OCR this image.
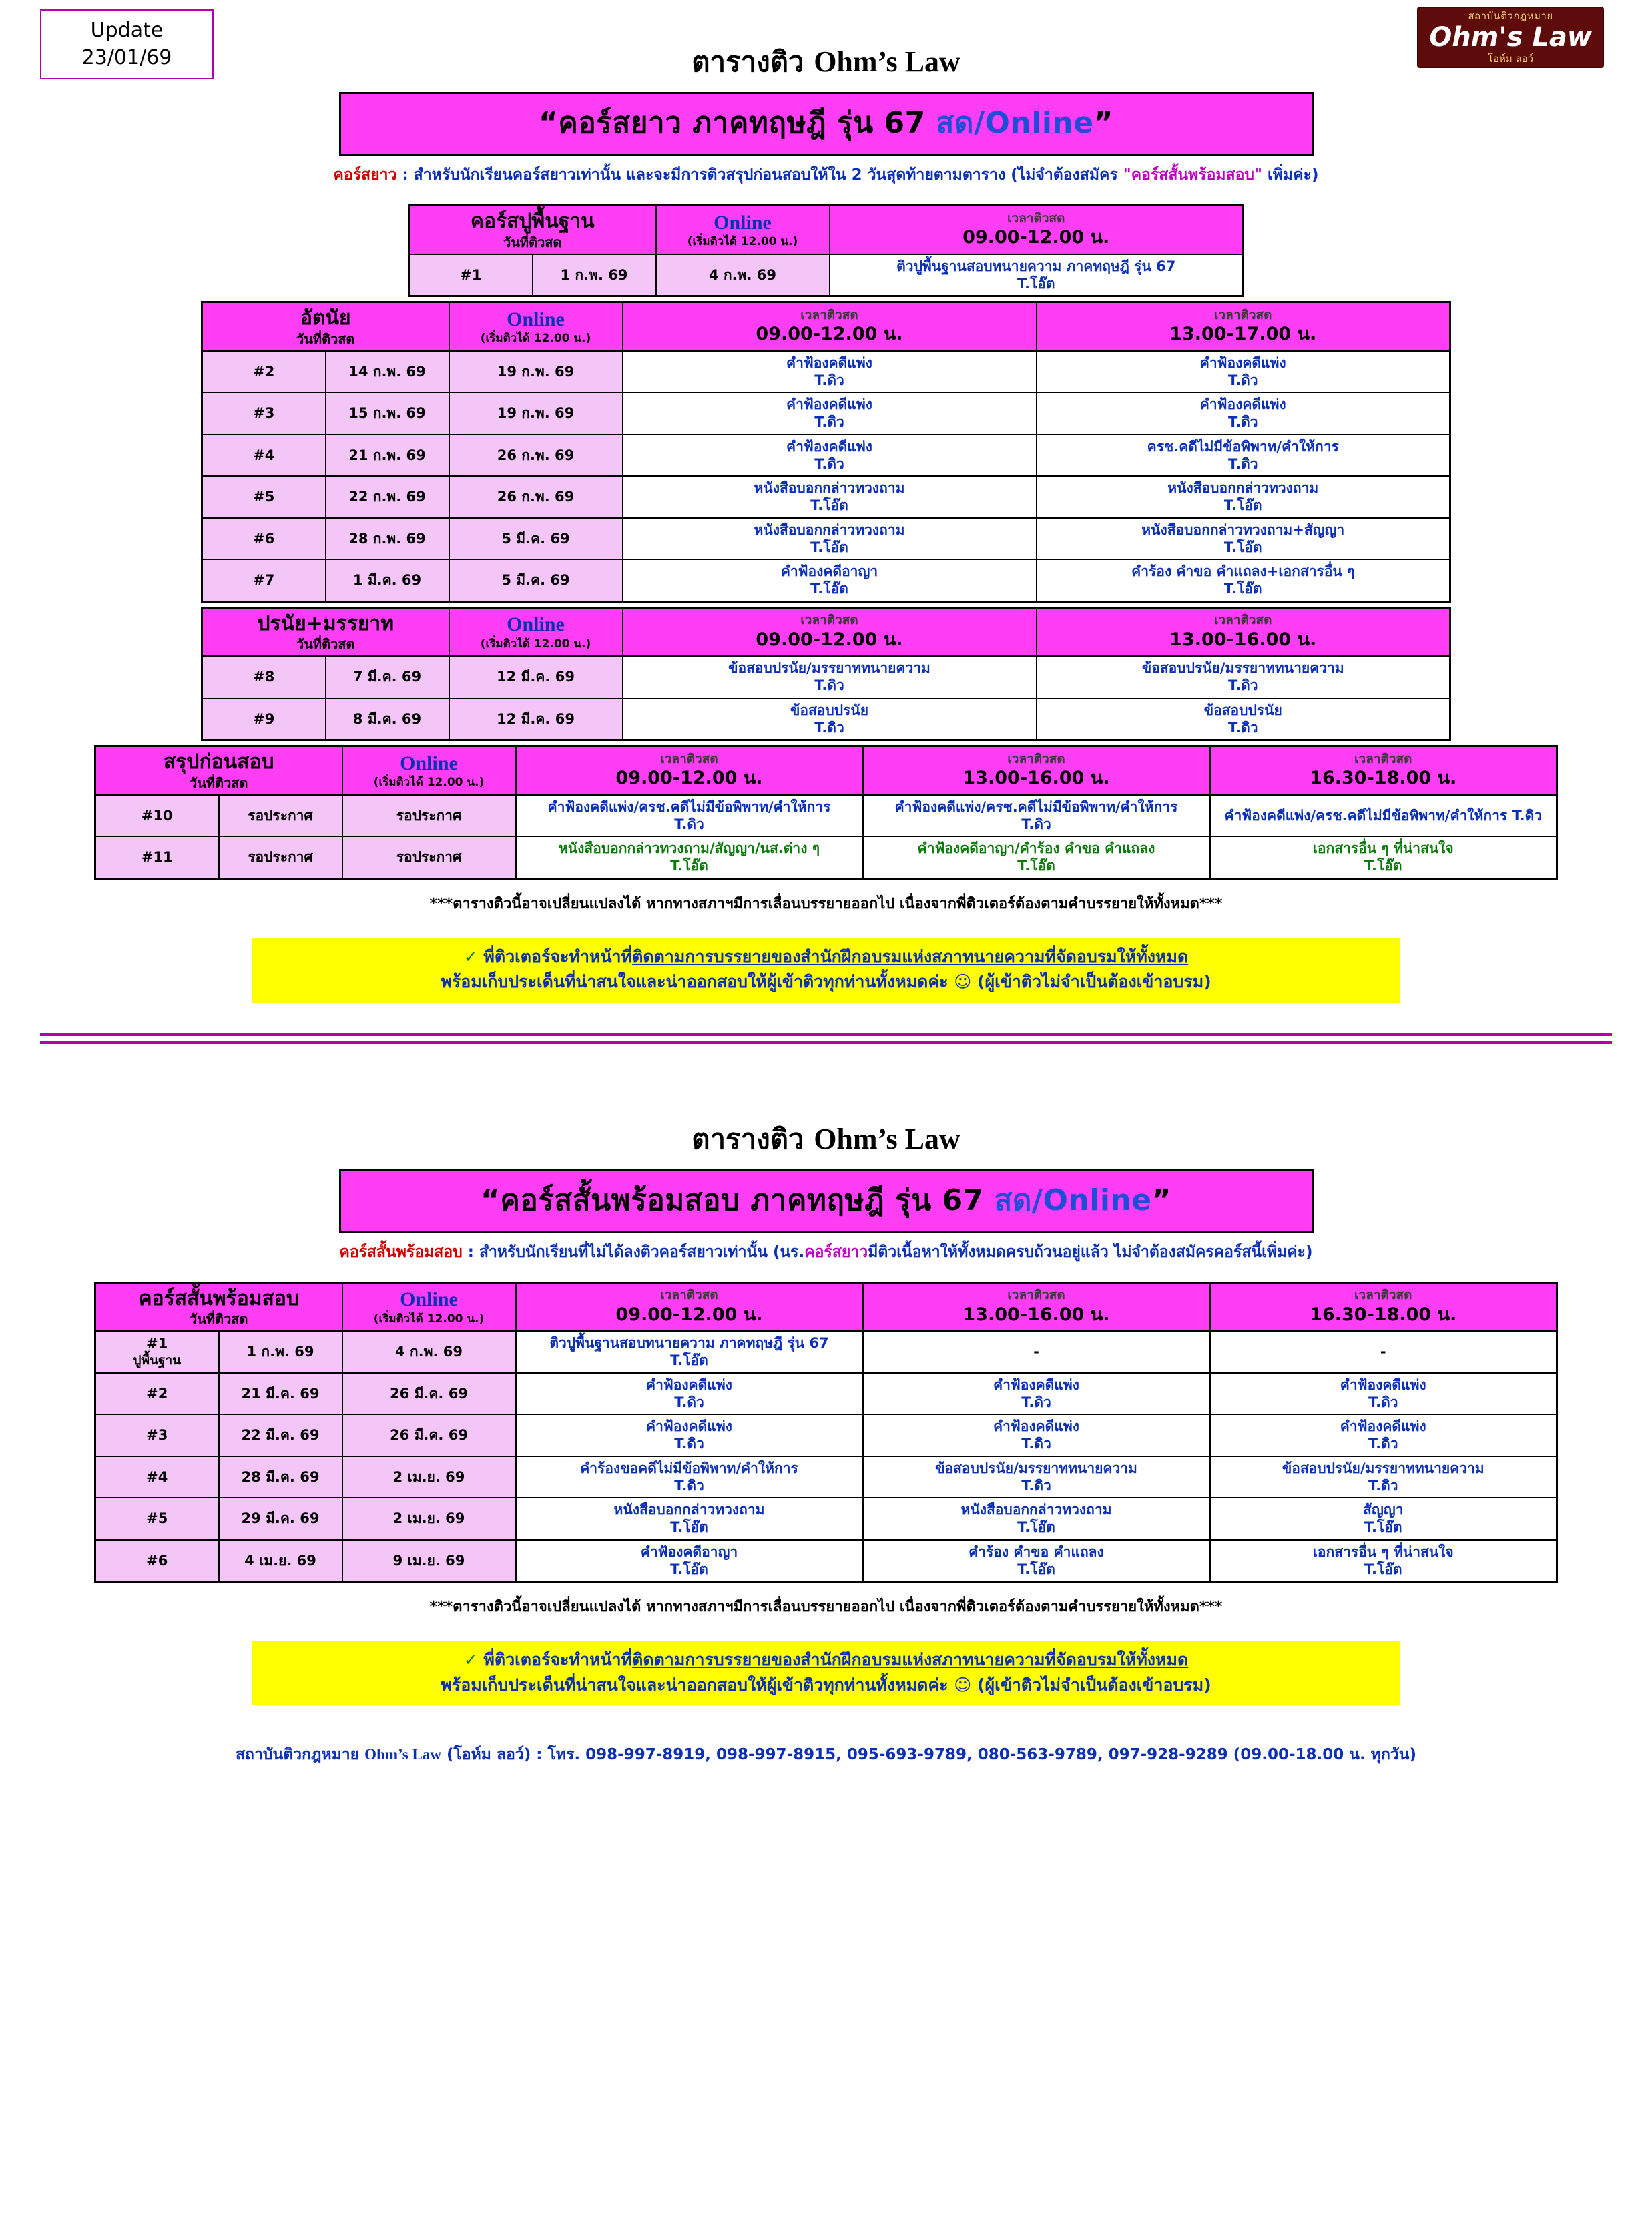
Update
23/01/69
สถาบันติวกฎหมาย
Ohm's Law
โอห์ม ลอว์
ตารางติว Ohm’s Law
“คอร์สยาว ภาคทฤษฎี รุ่น 67 สด/Online”
คอร์สยาว : สำหรับนักเรียนคอร์สยาวเท่านั้น และจะมีการติวสรุปก่อนสอบให้ใน 2 วันสุดท้ายตามตาราง (ไม่จำต้องสมัคร "คอร์สสั้นพร้อมสอบ" เพิ่มค่ะ)
คอร์สปูพื้นฐาน
วันที่ติวสด

Online
(เริ่มติวได้ 12.00 น.)

เวลาติวสด
09.00-12.00 น.

#1	1 ก.พ. 69	4 ก.พ. 69	ติวปูพื้นฐานสอบทนายความ ภาคทฤษฎี รุ่น 67
T.โอ๊ต
อัตนัย
วันที่ติวสด

Online
(เริ่มติวได้ 12.00 น.)

เวลาติวสด
09.00-12.00 น.

เวลาติวสด
13.00-17.00 น.

#2	14 ก.พ. 69	19 ก.พ. 69	
คำฟ้องคดีแพ่ง
T.ดิว

คำฟ้องคดีแพ่ง
T.ดิว

#3	15 ก.พ. 69	19 ก.พ. 69	
คำฟ้องคดีแพ่ง
T.ดิว

คำฟ้องคดีแพ่ง
T.ดิว

#4	21 ก.พ. 69	26 ก.พ. 69	
คำฟ้องคดีแพ่ง
T.ดิว

ครช.คดีไม่มีข้อพิพาท/คำให้การ
T.ดิว

#5	22 ก.พ. 69	26 ก.พ. 69	
หนังสือบอกกล่าวทวงถาม
T.โอ๊ต

หนังสือบอกกล่าวทวงถาม
T.โอ๊ต

#6	28 ก.พ. 69	5 มี.ค. 69	
หนังสือบอกกล่าวทวงถาม
T.โอ๊ต

หนังสือบอกกล่าวทวงถาม+สัญญา
T.โอ๊ต

#7	1 มี.ค. 69	5 มี.ค. 69	
คำฟ้องคดีอาญา
T.โอ๊ต

คำร้อง คำขอ คำแถลง+เอกสารอื่น ๆ
T.โอ๊ต
ปรนัย+มรรยาท
วันที่ติวสด

Online
(เริ่มติวได้ 12.00 น.)

เวลาติวสด
09.00-12.00 น.

เวลาติวสด
13.00-16.00 น.

#8	7 มี.ค. 69	12 มี.ค. 69	
ข้อสอบปรนัย/มรรยาททนายความ
T.ดิว

ข้อสอบปรนัย/มรรยาททนายความ
T.ดิว

#9	8 มี.ค. 69	12 มี.ค. 69	
ข้อสอบปรนัย
T.ดิว

ข้อสอบปรนัย
T.ดิว
สรุปก่อนสอบ
วันที่ติวสด

Online
(เริ่มติวได้ 12.00 น.)

เวลาติวสด
09.00-12.00 น.

เวลาติวสด
13.00-16.00 น.

เวลาติวสด
16.30-18.00 น.

#10	รอประกาศ	รอประกาศ	
คำฟ้องคดีแพ่ง/ครช.คดีไม่มีข้อพิพาท/คำให้การ
T.ดิว

คำฟ้องคดีแพ่ง/ครช.คดีไม่มีข้อพิพาท/คำให้การ
T.ดิว

คำฟ้องคดีแพ่ง/ครช.คดีไม่มีข้อพิพาท/คำให้การ T.ดิว

#11	รอประกาศ	รอประกาศ	
หนังสือบอกกล่าวทวงถาม/สัญญา/นส.ต่าง ๆ
T.โอ๊ต

คำฟ้องคดีอาญา/คำร้อง คำขอ คำแถลง
T.โอ๊ต

เอกสารอื่น ๆ ที่น่าสนใจ
T.โอ๊ต
***ตารางติวนี้อาจเปลี่ยนแปลงได้ หากทางสภาฯมีการเลื่อนบรรยายออกไป เนื่องจากพี่ติวเตอร์ต้องตามคำบรรยายให้ทั้งหมด***
✓ พี่ติวเตอร์จะทำหน้าที่ติดตามการบรรยายของสำนักฝึกอบรมแห่งสภาทนายความที่จัดอบรมให้ทั้งหมด
พร้อมเก็บประเด็นที่น่าสนใจและน่าออกสอบให้ผู้เข้าติวทุกท่านทั้งหมดค่ะ ☺ (ผู้เข้าติวไม่จำเป็นต้องเข้าอบรม)
ตารางติว Ohm’s Law
“คอร์สสั้นพร้อมสอบ ภาคทฤษฎี รุ่น 67 สด/Online”
คอร์สสั้นพร้อมสอบ : สำหรับนักเรียนที่ไม่ได้ลงติวคอร์สยาวเท่านั้น (นร.คอร์สยาวมีติวเนื้อหาให้ทั้งหมดครบถ้วนอยู่แล้ว ไม่จำต้องสมัครคอร์สนี้เพิ่มค่ะ)
คอร์สสั้นพร้อมสอบ
วันที่ติวสด

Online
(เริ่มติวได้ 12.00 น.)

เวลาติวสด
09.00-12.00 น.

เวลาติวสด
13.00-16.00 น.

เวลาติวสด
16.30-18.00 น.

#1
ปูพื้นฐาน
	1 ก.พ. 69	4 ก.พ. 69	
ติวปูพื้นฐานสอบทนายความ ภาคทฤษฎี รุ่น 67
T.โอ๊ต
	-	-

#2	21 มี.ค. 69	26 มี.ค. 69	
คำฟ้องคดีแพ่ง
T.ดิว

คำฟ้องคดีแพ่ง
T.ดิว

คำฟ้องคดีแพ่ง
T.ดิว

#3	22 มี.ค. 69	26 มี.ค. 69	
คำฟ้องคดีแพ่ง
T.ดิว

คำฟ้องคดีแพ่ง
T.ดิว

คำฟ้องคดีแพ่ง
T.ดิว

#4	28 มี.ค. 69	2 เม.ย. 69	
คำร้องขอคดีไม่มีข้อพิพาท/คำให้การ
T.ดิว

ข้อสอบปรนัย/มรรยาททนายความ
T.ดิว

ข้อสอบปรนัย/มรรยาททนายความ
T.ดิว

#5	29 มี.ค. 69	2 เม.ย. 69	
หนังสือบอกกล่าวทวงถาม
T.โอ๊ต

หนังสือบอกกล่าวทวงถาม
T.โอ๊ต

สัญญา
T.โอ๊ต

#6	4 เม.ย. 69	9 เม.ย. 69	
คำฟ้องคดีอาญา
T.โอ๊ต

คำร้อง คำขอ คำแถลง
T.โอ๊ต

เอกสารอื่น ๆ ที่น่าสนใจ
T.โอ๊ต
***ตารางติวนี้อาจเปลี่ยนแปลงได้ หากทางสภาฯมีการเลื่อนบรรยายออกไป เนื่องจากพี่ติวเตอร์ต้องตามคำบรรยายให้ทั้งหมด***
✓ พี่ติวเตอร์จะทำหน้าที่ติดตามการบรรยายของสำนักฝึกอบรมแห่งสภาทนายความที่จัดอบรมให้ทั้งหมด
พร้อมเก็บประเด็นที่น่าสนใจและน่าออกสอบให้ผู้เข้าติวทุกท่านทั้งหมดค่ะ ☺ (ผู้เข้าติวไม่จำเป็นต้องเข้าอบรม)
สถาบันติวกฎหมาย Ohm’s Law (โอห์ม ลอว์) : โทร. 098-997-8919, 098-997-8915, 095-693-9789, 080-563-9789, 097-928-9289 (09.00-18.00 น. ทุกวัน)
